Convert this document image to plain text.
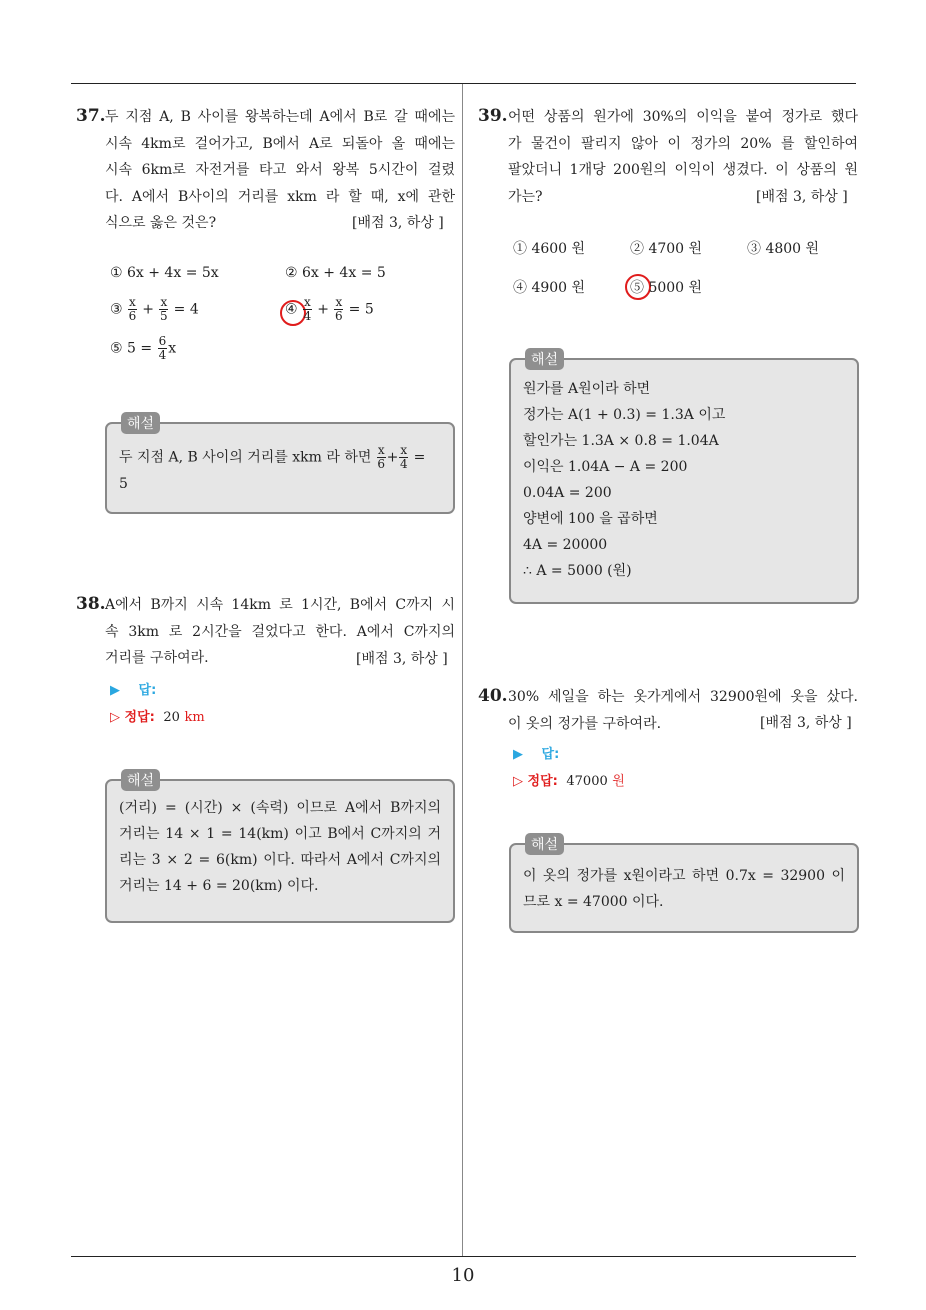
37. 두 지점 A, B 사이를 왕복하는데 A에서 B로 갈 때에는
시속 4km로 걸어가고, B에서 A로 되돌아 올 때에는
시속 6km로 자전거를 타고 와서 왕복 5시간이 걸렸
다. A에서 B사이의 거리를 xkm 라 할 때, x에 관한
식으로 옳은 것은?	[배점 3, 하상 ]
① 6x + 4x = 5x	② 6x + 4x = 5
③ $\frac{x}{6} + \frac{x}{5} = 4$	④ $\frac{x}{4} + \frac{x}{6} = 5$
⑤ $5 = \frac{6}{4}$ x
해설
두 지점 A, B 사이의 거리를 xkm 라 하면 $\frac{x}{6} + \frac{x}{4}$ =
5
38. A에서 B까지 시속 14km 로 1시간, B에서 C까지 시
속 3km 로 2시간을 걸었다고 한다. A에서 C까지의
거리를 구하여라.	[배점 3, 하상 ]
▶ 답:
▷ 정답: 20 km
해설
(거리) = (시간) × (속력) 이므로 A에서 B까지의
거리는 14 × 1 = 14(km) 이고 B에서 C까지의 거
리는 3 × 2 = 6(km) 이다. 따라서 A에서 C까지의
거리는 14 + 6 = 20(km) 이다.
39. 어떤 상품의 원가에 30%의 이익을 붙여 정가로 했다
가 물건이 팔리지 않아 이 정가의 20% 를 할인하여
팔았더니 1개당 200원의 이익이 생겼다. 이 상품의 원
가는?	[배점 3, 하상 ]
① 4600 원	② 4700 원	③ 4800 원
④ 4900 원	⑤ 5000 원
해설
원가를 A원이라 하면
정가는 A(1 + 0.3) = 1.3A 이고
할인가는 1.3A × 0.8 = 1.04A
이익은 1.04A − A = 200
0.04A = 200
양변에 100 을 곱하면
4A = 20000
∴ A = 5000 (원)
40. 30% 세일을 하는 옷가게에서 32900원에 옷을 샀다.
이 옷의 정가를 구하여라.	[배점 3, 하상 ]
▶ 답:
▷ 정답: 47000 원
해설
이 옷의 정가를 x원이라고 하면 0.7x = 32900 이
므로 x = 47000 이다.
10
